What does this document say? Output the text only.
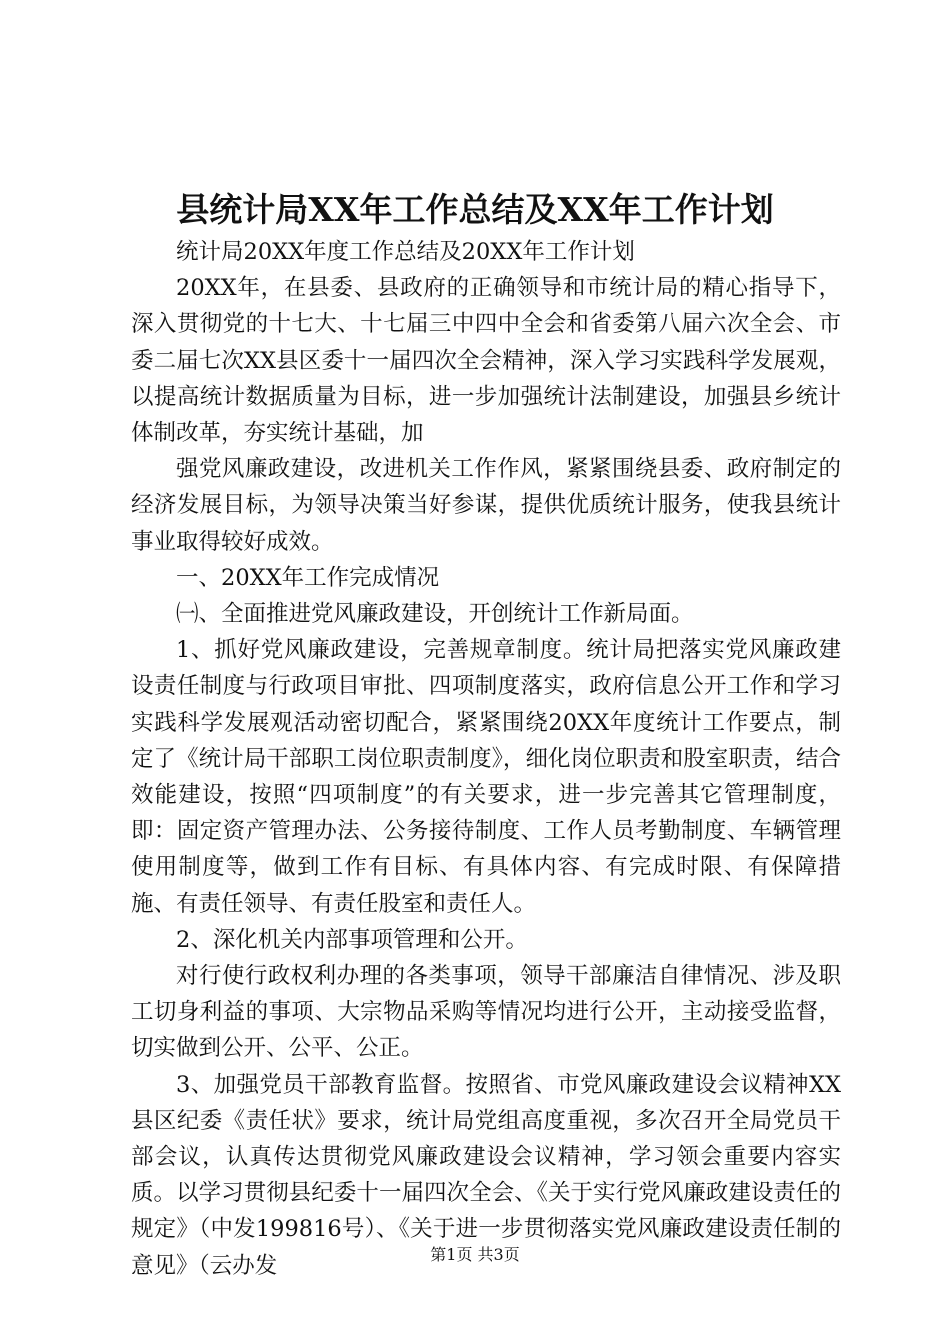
县统计局XX年工作总结及XX年工作计划

统计局20XX年度工作总结及20XX年工作计划

20XX年，在县委、县政府的正确领导和市统计局的精心指导下，深入贯彻党的十七大、十七届三中四中全会和省委第八届六次全会、市委二届七次XX县区委十一届四次全会精神，深入学习实践科学发展观，以提高统计数据质量为目标，进一步加强统计法制建设，加强县乡统计体制改革，夯实统计基础，加

强党风廉政建设，改进机关工作作风，紧紧围绕县委、政府制定的经济发展目标，为领导决策当好参谋，提供优质统计服务，使我县统计事业取得较好成效。

一、20XX年工作完成情况

㈠、全面推进党风廉政建设，开创统计工作新局面。

1、抓好党风廉政建设，完善规章制度。统计局把落实党风廉政建设责任制度与行政项目审批、四项制度落实，政府信息公开工作和学习实践科学发展观活动密切配合，紧紧围绕20XX年度统计工作要点，制定了《统计局干部职工岗位职责制度》，细化岗位职责和股室职责，结合效能建设，按照“四项制度”的有关要求，进一步完善其它管理制度，即：固定资产管理办法、公务接待制度、工作人员考勤制度、车辆管理使用制度等，做到工作有目标、有具体内容、有完成时限、有保障措施、有责任领导、有责任股室和责任人。

2、深化机关内部事项管理和公开。

对行使行政权利办理的各类事项，领导干部廉洁自律情况、涉及职工切身利益的事项、大宗物品采购等情况均进行公开，主动接受监督，切实做到公开、公平、公正。

3、加强党员干部教育监督。按照省、市党风廉政建设会议精神XX县区纪委《责任状》要求，统计局党组高度重视，多次召开全局党员干部会议，认真传达贯彻党风廉政建设会议精神，学习领会重要内容实质。以学习贯彻县纪委十一届四次全会、《关于实行党风廉政建设责任的规定》（中发199816号）、《关于进一步贯彻落实党风廉政建设责任制的意见》（云办发	第1页 共3页
